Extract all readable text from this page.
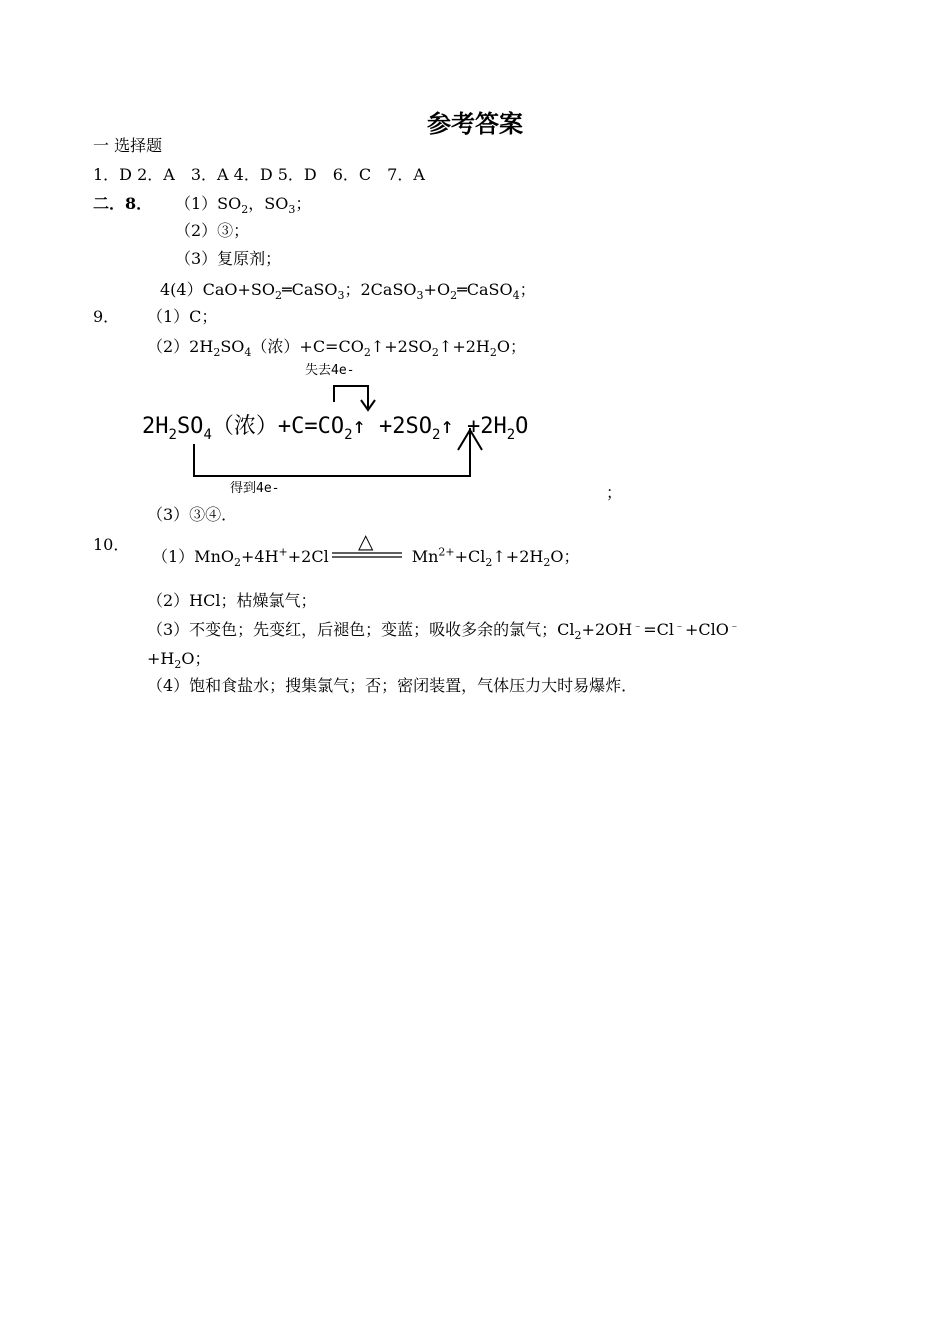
参考答案
一 选择题
1．D 2．A　3．A 4．D 5．D　6．C　7．A
二．8． $(1)SO_2$，$SO_3$；
（2）③；
（3）复原剂；
$4(4)CaO+SO_2═CaSO_3$；$2CaSO_3+O_2═CaSO_4$；
9． （1）C；
$(2)2H_2SO_4$（浓）$+C=CO_2↑+2SO_2↑+2H_2O$；
失去4e-
$2H_2SO_4$（浓）$+C=CO_2↑$ $+2SO_2↑ +2H_2O$
得到4e-	；
（3）③④．
10．
（1）MnO$_2$+4H++2Cl﹣	$Mn^{2+}+Cl_2↑+2H_2O$；
△
（2）HCl；枯燥氯气；
（3）不变色；先变红，后褪色；变蓝；吸收多余的氯气；$Cl_2+2OH^﹣=Cl^﹣+ClO^﹣$
$+H_2O$；
（4）饱和食盐水；搜集氯气；否；密闭装置，气体压力大时易爆炸．
